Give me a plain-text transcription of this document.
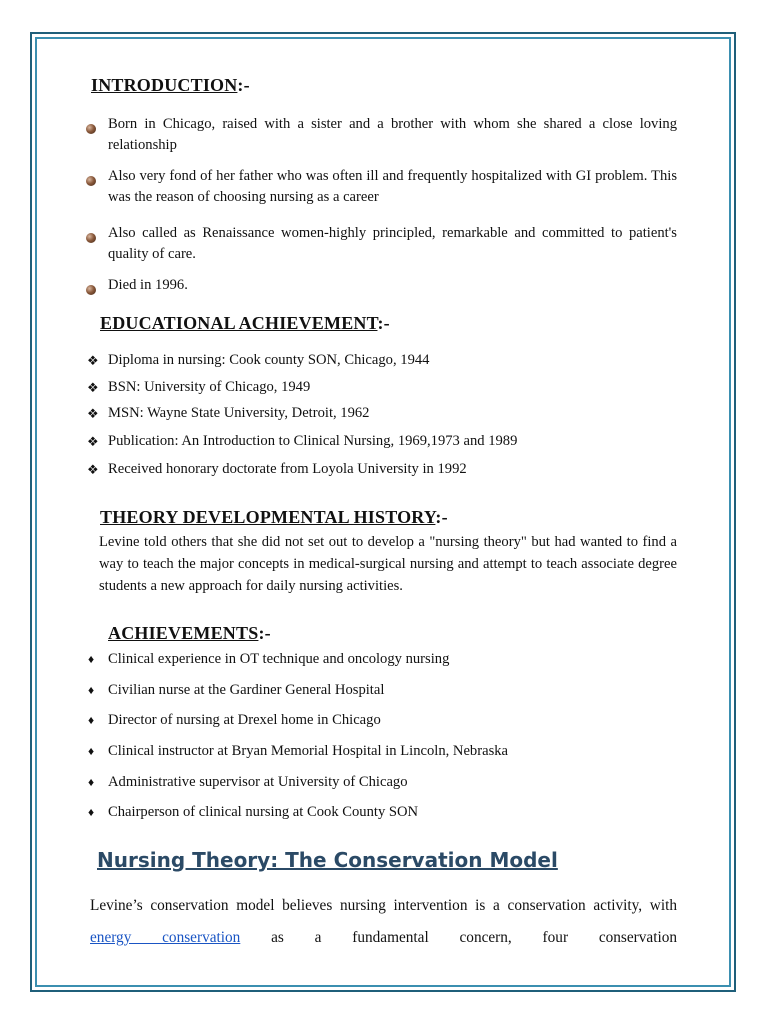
INTRODUCTION:-
Born in Chicago, raised with a sister and a brother with whom she shared a close loving relationship
Also very fond of her father who was often ill and frequently hospitalized with GI problem. This was the reason of choosing nursing as a career
Also called as Renaissance women-highly principled, remarkable and committed to patient's quality of care.
Died in 1996.
EDUCATIONAL ACHIEVEMENT:-
❖ Diploma in nursing: Cook county SON, Chicago, 1944
❖ BSN: University of Chicago, 1949
❖ MSN: Wayne State University, Detroit, 1962
❖ Publication: An Introduction to Clinical Nursing, 1969,1973 and 1989
❖ Received honorary doctorate from Loyola University in 1992
THEORY DEVELOPMENTAL HISTORY:-
Levine told others that she did not set out to develop a "nursing theory" but had wanted to find a way to teach the major concepts in medical-surgical nursing and attempt to teach associate degree students a new approach for daily nursing activities.
ACHIEVEMENTS:-
♦ Clinical experience in OT technique and oncology nursing
♦ Civilian nurse at the Gardiner General Hospital
♦ Director of nursing at Drexel home in Chicago
♦ Clinical instructor at Bryan Memorial Hospital in Lincoln, Nebraska
♦ Administrative supervisor at University of Chicago
♦ Chairperson of clinical nursing at Cook County SON
Nursing Theory: The Conservation Model
Levine’s conservation model believes nursing intervention is a conservation activity, with energy conservation as a fundamental concern, four conservation
